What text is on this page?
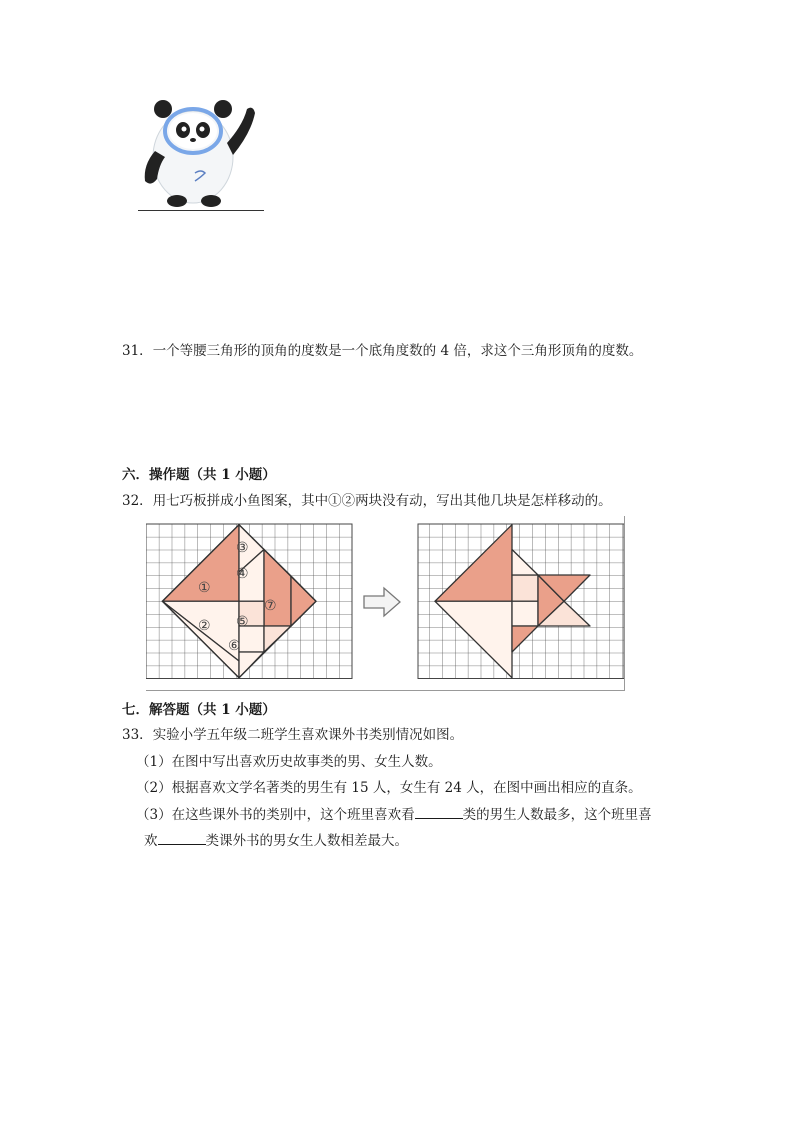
31．一个等腰三角形的顶角的度数是一个底角度数的 4 倍，求这个三角形顶角的度数。
六．操作题（共 1 小题）
32．用七巧板拼成小鱼图案，其中①②两块没有动，写出其他几块是怎样移动的。
①
②
③
④
⑤
⑥
⑦
七．解答题（共 1 小题）
33．实验小学五年级二班学生喜欢课外书类别情况如图。
（1）在图中写出喜欢历史故事类的男、女生人数。
（2）根据喜欢文学名著类的男生有 15 人，女生有 24 人，在图中画出相应的直条。
（3）在这些课外书的类别中，这个班里喜欢看	类的男生人数最多，这个班里喜
欢	类课外书的男女生人数相差最大。
